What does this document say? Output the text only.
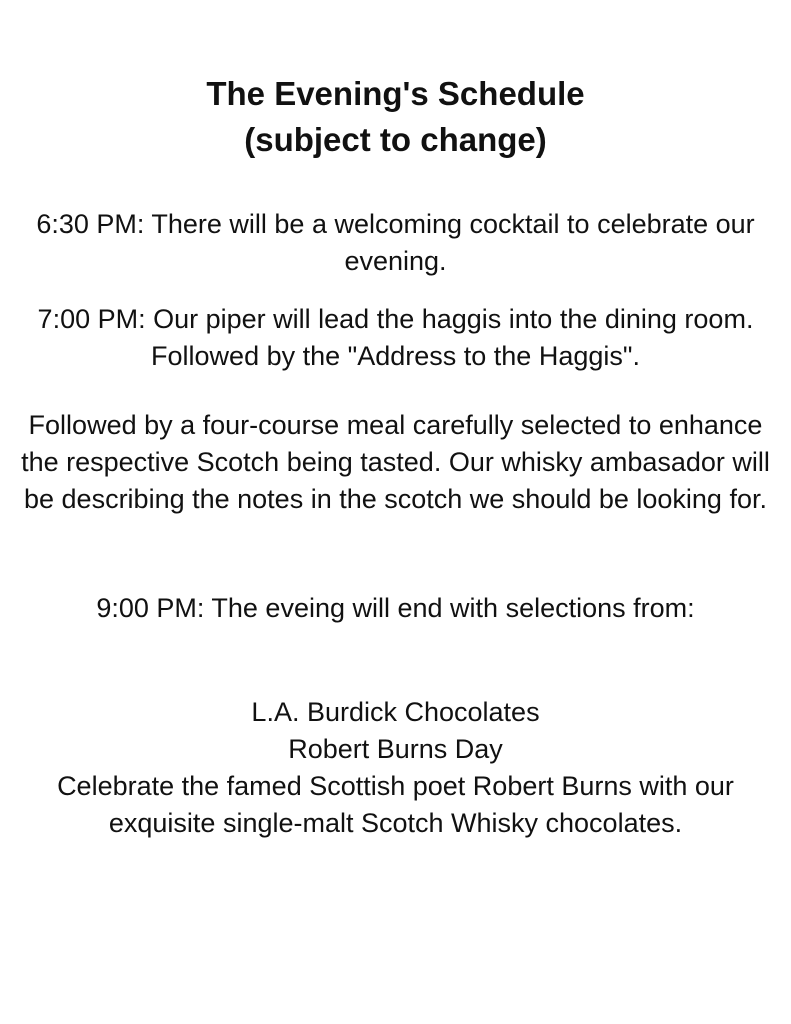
The Evening's Schedule
(subject to change)

6:30 PM: There will be a welcoming cocktail to celebrate our evening.

7:00 PM: Our piper will lead the haggis into the dining room. Followed by the "Address to the Haggis".

Followed by a four-course meal carefully selected to enhance the respective Scotch being tasted. Our whisky ambasador will be describing the notes in the scotch we should be looking for.

9:00 PM: The eveing will end with selections from:

L.A. Burdick Chocolates
Robert Burns Day
Celebrate the famed Scottish poet Robert Burns with our exquisite single-malt Scotch Whisky chocolates.
